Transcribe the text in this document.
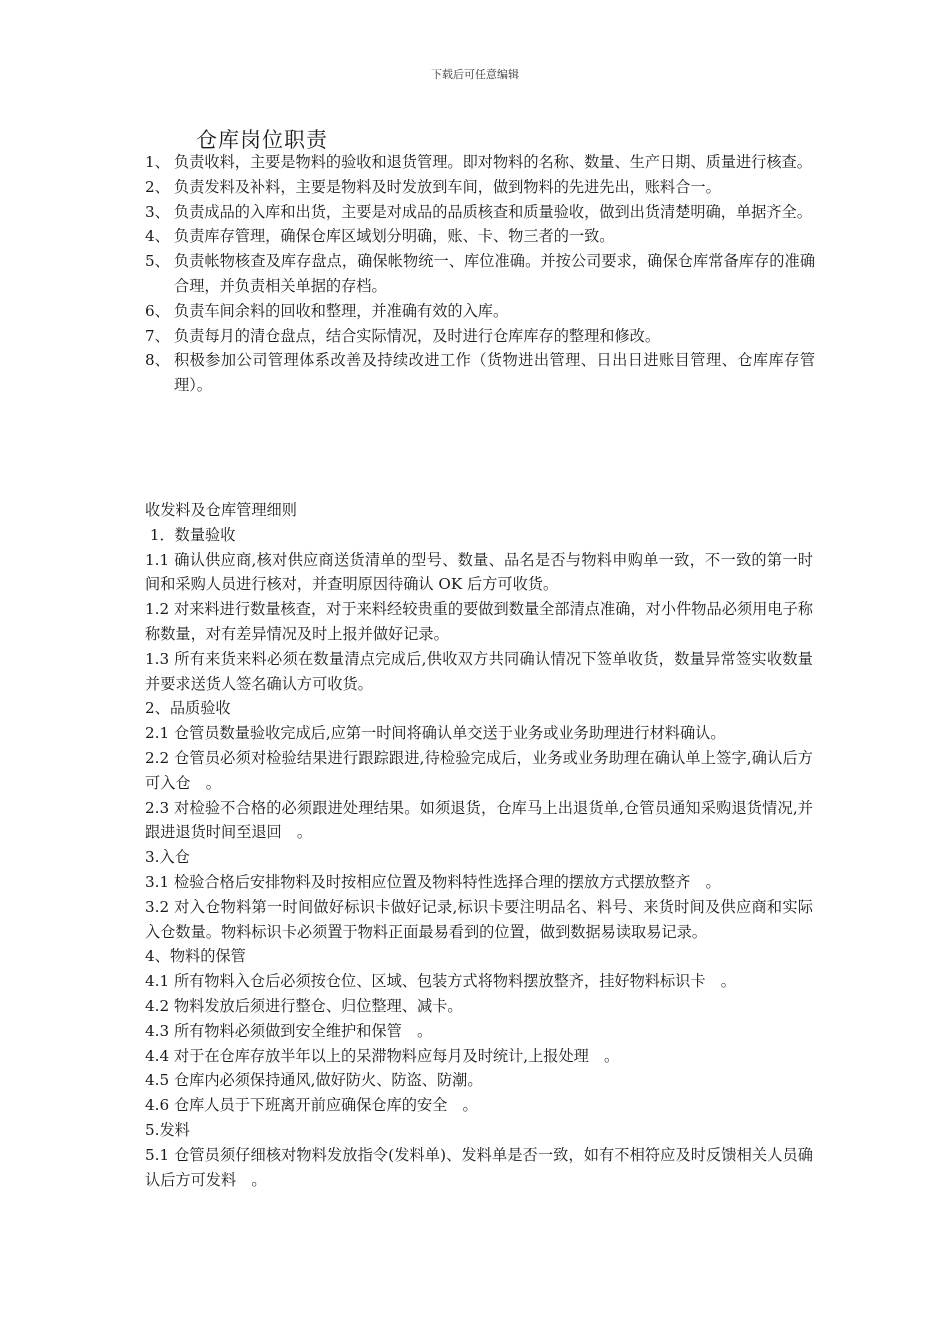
下载后可任意编辑
仓库岗位职责
1、 负责收料，主要是物料的验收和退货管理。即对物料的名称、数量、生产日期、质量进行核查。
2、 负责发料及补料，主要是物料及时发放到车间，做到物料的先进先出，账料合一。
3、 负责成品的入库和出货，主要是对成品的品质核查和质量验收，做到出货清楚明确，单据齐全。
4、 负责库存管理，确保仓库区域划分明确，账、卡、物三者的一致。
5、 负责帐物核查及库存盘点，确保帐物统一、库位准确。并按公司要求，确保仓库常备库存的准确合理，并负责相关单据的存档。
6、 负责车间余料的回收和整理，并准确有效的入库。
7、 负责每月的清仓盘点，结合实际情况，及时进行仓库库存的整理和修改。
8、 积极参加公司管理体系改善及持续改进工作（货物进出管理、日出日进账目管理、仓库库存管理）。
收发料及仓库管理细则
1．数量验收
1.1 确认供应商,核对供应商送货清单的型号、数量、品名是否与物料申购单一致，不一致的第一时间和采购人员进行核对，并查明原因待确认 OK 后方可收货。
1.2 对来料进行数量核查，对于来料经较贵重的要做到数量全部清点准确，对小件物品必须用电子称称数量，对有差异情况及时上报并做好记录。
1.3 所有来货来料必须在数量清点完成后,供收双方共同确认情况下签单收货，数量异常签实收数量并要求送货人签名确认方可收货。
2、品质验收
2.1 仓管员数量验收完成后,应第一时间将确认单交送于业务或业务助理进行材料确认。
2.2 仓管员必须对检验结果进行跟踪跟进,待检验完成后，业务或业务助理在确认单上签字,确认后方可入仓　。
2.3 对检验不合格的必须跟进处理结果。如须退货，仓库马上出退货单,仓管员通知采购退货情况,并跟进退货时间至退回　。
3.入仓
3.1 检验合格后安排物料及时按相应位置及物料特性选择合理的摆放方式摆放整齐　。
3.2 对入仓物料第一时间做好标识卡做好记录,标识卡要注明品名、料号、来货时间及供应商和实际入仓数量。物料标识卡必须置于物料正面最易看到的位置，做到数据易读取易记录。
4、物料的保管
4.1 所有物料入仓后必须按仓位、区域、包装方式将物料摆放整齐，挂好物料标识卡　。
4.2 物料发放后须进行整仓、归位整理、减卡。
4.3 所有物料必须做到安全维护和保管　。
4.4 对于在仓库存放半年以上的呆滞物料应每月及时统计,上报处理　。
4.5 仓库内必须保持通风,做好防火、防盗、防潮。
4.6 仓库人员于下班离开前应确保仓库的安全　。
5.发料
5.1 仓管员须仔细核对物料发放指令(发料单)、发料单是否一致，如有不相符应及时反馈相关人员确认后方可发料　。
